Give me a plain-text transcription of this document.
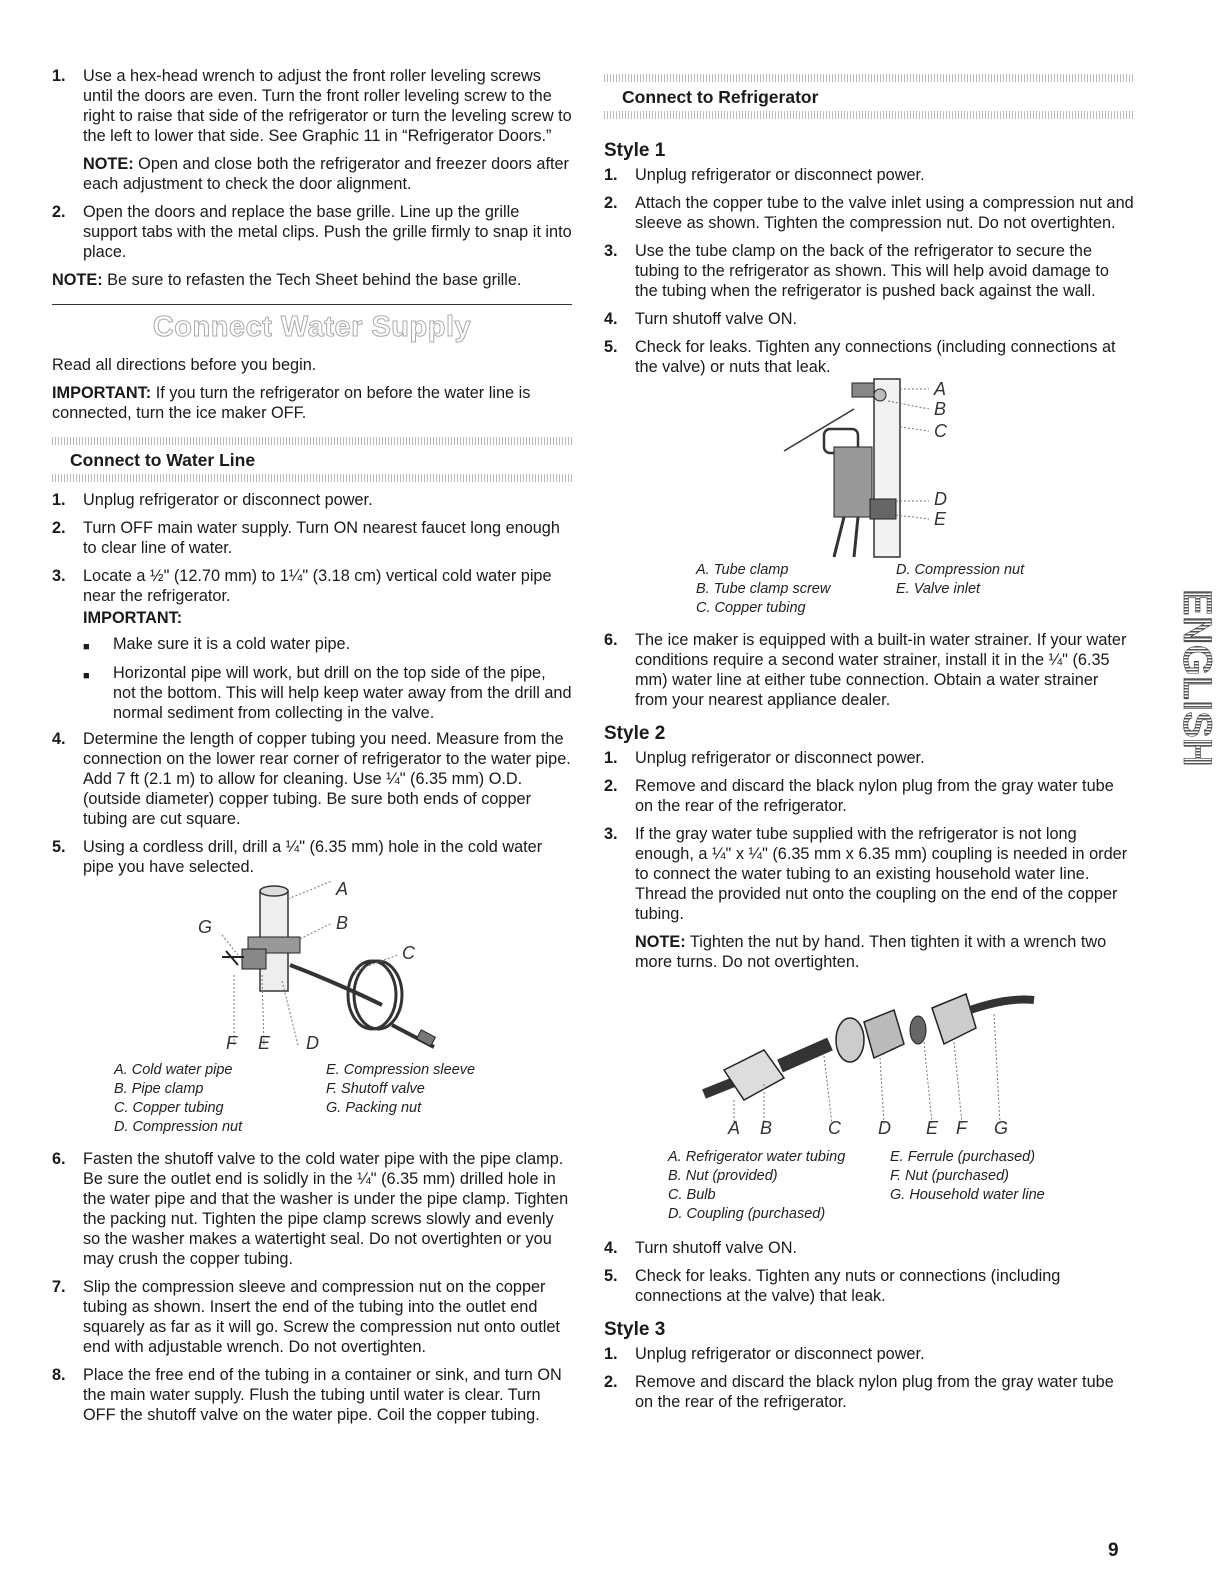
1.	Use a hex-head wrench to adjust the front roller leveling screws until the doors are even. Turn the front roller leveling screw to the right to raise that side of the refrigerator or turn the leveling screw to the left to lower that side. See Graphic 11 in “Refrigerator Doors.”
NOTE: Open and close both the refrigerator and freezer doors after each adjustment to check the door alignment.
2.	Open the doors and replace the base grille. Line up the grille support tabs with the metal clips. Push the grille firmly to snap it into place.
NOTE: Be sure to refasten the Tech Sheet behind the base grille.
Connect Water Supply
Read all directions before you begin.
IMPORTANT: If you turn the refrigerator on before the water line is connected, turn the ice maker OFF.
Connect to Water Line
1.	Unplug refrigerator or disconnect power.
2.	Turn OFF main water supply. Turn ON nearest faucet long enough to clear line of water.
3.	Locate a ½" (12.70 mm) to 1¼" (3.18 cm) vertical cold water pipe near the refrigerator.
IMPORTANT:
■	Make sure it is a cold water pipe.
■	Horizontal pipe will work, but drill on the top side of the pipe, not the bottom. This will help keep water away from the drill and normal sediment from collecting in the valve.
4.	Determine the length of copper tubing you need. Measure from the connection on the lower rear corner of refrigerator to the water pipe. Add 7 ft (2.1 m) to allow for cleaning. Use ¼" (6.35 mm) O.D. (outside diameter) copper tubing. Be sure both ends of copper tubing are cut square.
5.	Using a cordless drill, drill a ¼" (6.35 mm) hole in the cold water pipe you have selected.
A
B
C
D
E
F
G
A. Cold water pipe
B. Pipe clamp
C. Copper tubing
D. Compression nut
E. Compression sleeve
F. Shutoff valve
G. Packing nut
6.	Fasten the shutoff valve to the cold water pipe with the pipe clamp. Be sure the outlet end is solidly in the ¼" (6.35 mm) drilled hole in the water pipe and that the washer is under the pipe clamp. Tighten the packing nut. Tighten the pipe clamp screws slowly and evenly so the washer makes a watertight seal. Do not overtighten or you may crush the copper tubing.
7.	Slip the compression sleeve and compression nut on the copper tubing as shown. Insert the end of the tubing into the outlet end squarely as far as it will go. Screw the compression nut onto outlet end with adjustable wrench. Do not overtighten.
8.	Place the free end of the tubing in a container or sink, and turn ON the main water supply. Flush the tubing until water is clear. Turn OFF the shutoff valve on the water pipe. Coil the copper tubing.
Connect to Refrigerator
Style 1
1.	Unplug refrigerator or disconnect power.
2.	Attach the copper tube to the valve inlet using a compression nut and sleeve as shown. Tighten the compression nut. Do not overtighten.
3.	Use the tube clamp on the back of the refrigerator to secure the tubing to the refrigerator as shown. This will help avoid damage to the tubing when the refrigerator is pushed back against the wall.
4.	Turn shutoff valve ON.
5.	Check for leaks. Tighten any connections (including connections at the valve) or nuts that leak.
A
B
C
D
E
A. Tube clamp
B. Tube clamp screw
C. Copper tubing
D. Compression nut
E. Valve inlet
6.	The ice maker is equipped with a built-in water strainer. If your water conditions require a second water strainer, install it in the ¼" (6.35 mm) water line at either tube connection. Obtain a water strainer from your nearest appliance dealer.
Style 2
1.	Unplug refrigerator or disconnect power.
2.	Remove and discard the black nylon plug from the gray water tube on the rear of the refrigerator.
3.	If the gray water tube supplied with the refrigerator is not long enough, a ¼" x ¼" (6.35 mm x 6.35 mm) coupling is needed in order to connect the water tubing to an existing household water line. Thread the provided nut onto the coupling on the end of the copper tubing.
NOTE: Tighten the nut by hand. Then tighten it with a wrench two more turns. Do not overtighten.
A B	C D E F G
A. Refrigerator water tubing
B. Nut (provided)
C. Bulb
D. Coupling (purchased)
E. Ferrule (purchased)
F. Nut (purchased)
G. Household water line
4.	Turn shutoff valve ON.
5.	Check for leaks. Tighten any nuts or connections (including connections at the valve) that leak.
Style 3
1.	Unplug refrigerator or disconnect power.
2.	Remove and discard the black nylon plug from the gray water tube on the rear of the refrigerator.
ENGLISH
9
